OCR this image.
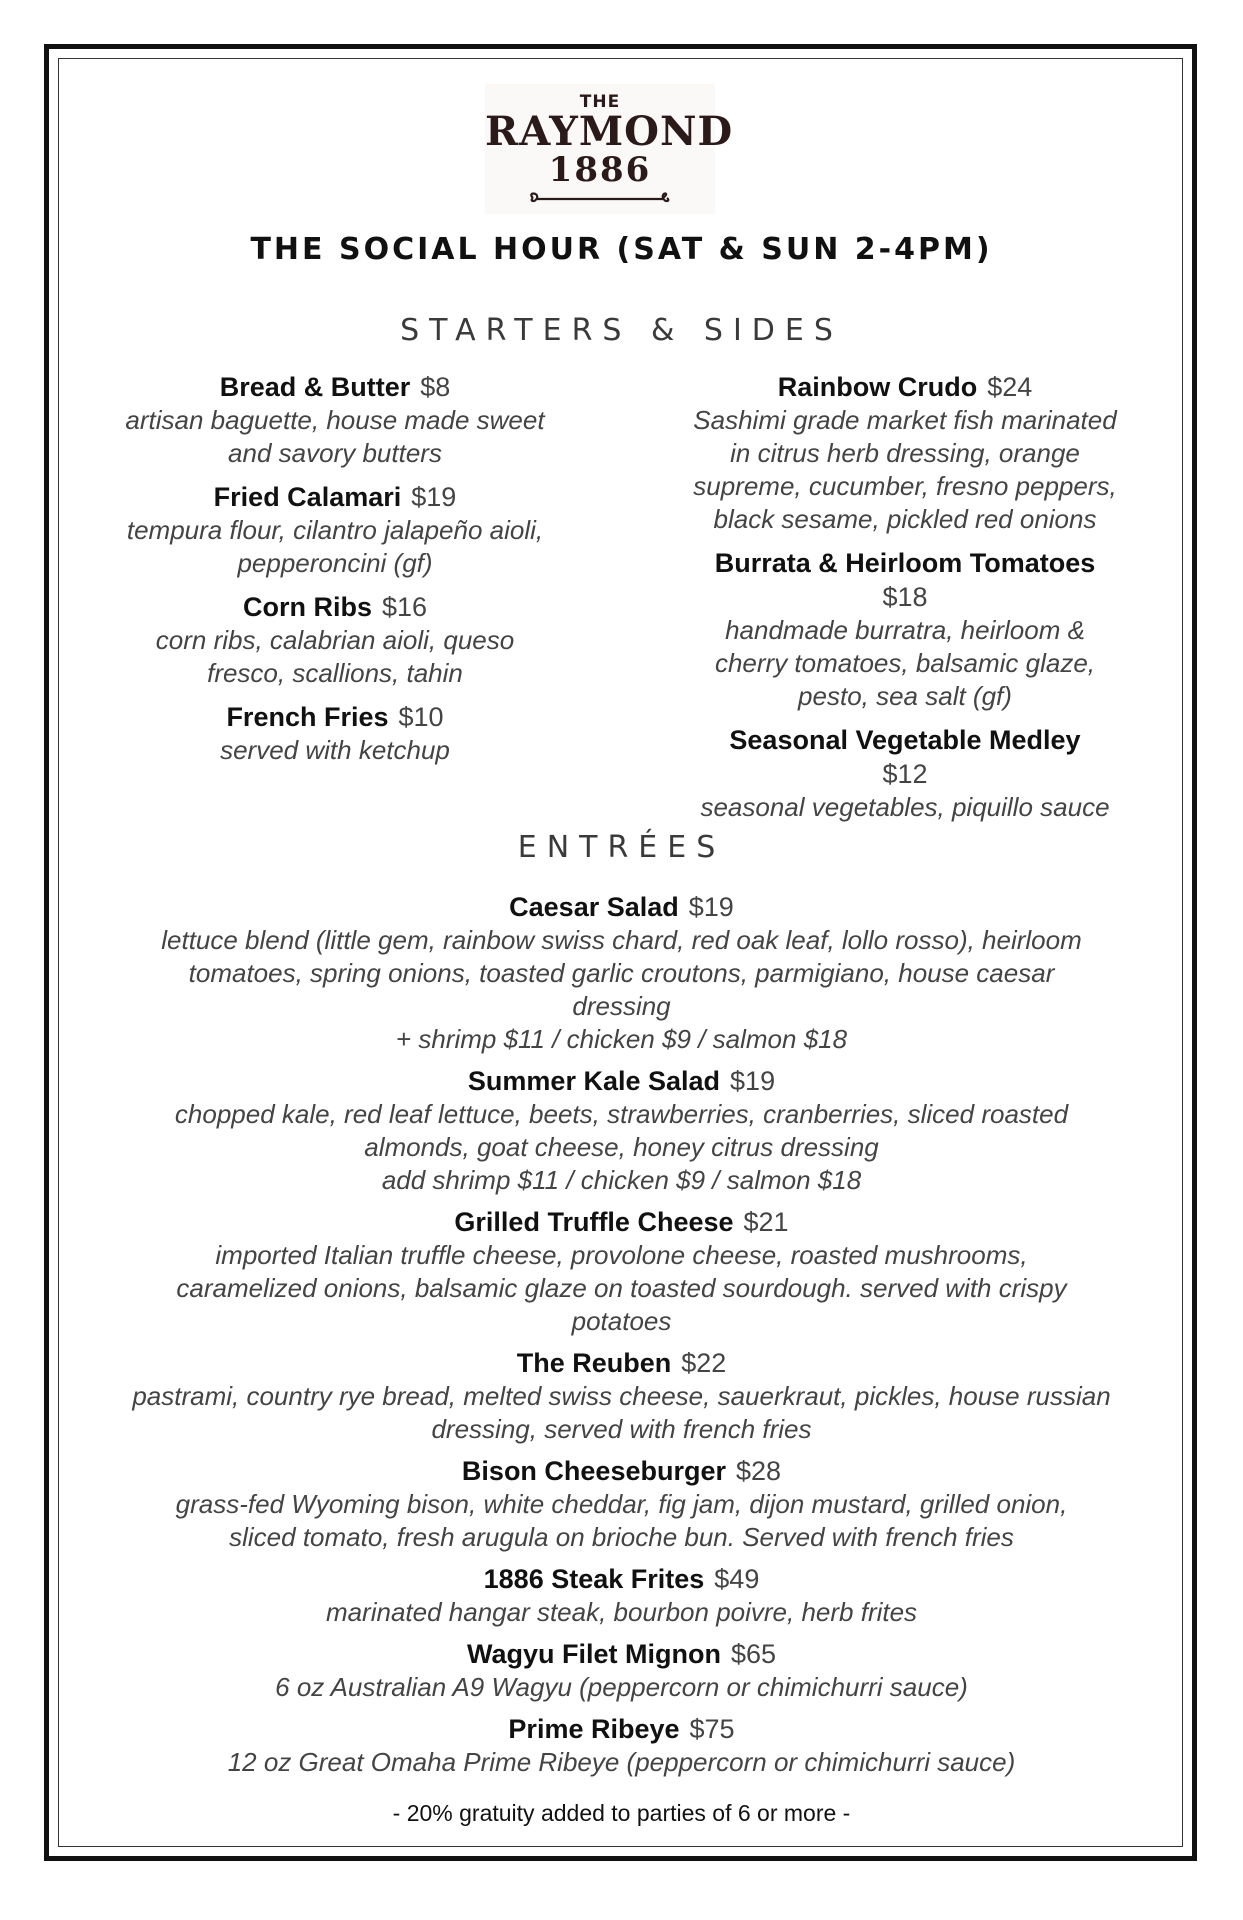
THE
RAYMOND
1886
THE SOCIAL HOUR (SAT & SUN 2-4PM)
STARTERS & SIDES
Bread & Butter $8
artisan baguette, house made sweet
and savory butters
Fried Calamari $19
tempura flour, cilantro jalapeño aioli,
pepperoncini (gf)
Corn Ribs $16
corn ribs, calabrian aioli, queso
fresco, scallions, tahin
French Fries $10
served with ketchup
Rainbow Crudo $24
Sashimi grade market fish marinated
in citrus herb dressing, orange
supreme, cucumber, fresno peppers,
black sesame, pickled red onions
Burrata & Heirloom Tomatoes
$18
handmade burratra, heirloom &
cherry tomatoes, balsamic glaze,
pesto, sea salt (gf)
Seasonal Vegetable Medley
$12
seasonal vegetables, piquillo sauce
ENTRÉES
Caesar Salad $19
lettuce blend (little gem, rainbow swiss chard, red oak leaf, lollo rosso), heirloom
tomatoes, spring onions, toasted garlic croutons, parmigiano, house caesar
dressing
+ shrimp $11 / chicken $9 / salmon $18
Summer Kale Salad $19
chopped kale, red leaf lettuce, beets, strawberries, cranberries, sliced roasted
almonds, goat cheese, honey citrus dressing
add shrimp $11 / chicken $9 / salmon $18
Grilled Truffle Cheese $21
imported Italian truffle cheese, provolone cheese, roasted mushrooms,
caramelized onions, balsamic glaze on toasted sourdough. served with crispy
potatoes
The Reuben $22
pastrami, country rye bread, melted swiss cheese, sauerkraut, pickles, house russian
dressing, served with french fries
Bison Cheeseburger $28
grass-fed Wyoming bison, white cheddar, fig jam, dijon mustard, grilled onion,
sliced tomato, fresh arugula on brioche bun. Served with french fries
1886 Steak Frites $49
marinated hangar steak, bourbon poivre, herb frites
Wagyu Filet Mignon $65
6 oz Australian A9 Wagyu (peppercorn or chimichurri sauce)
Prime Ribeye $75
12 oz Great Omaha Prime Ribeye (peppercorn or chimichurri sauce)
- 20% gratuity added to parties of 6 or more -
